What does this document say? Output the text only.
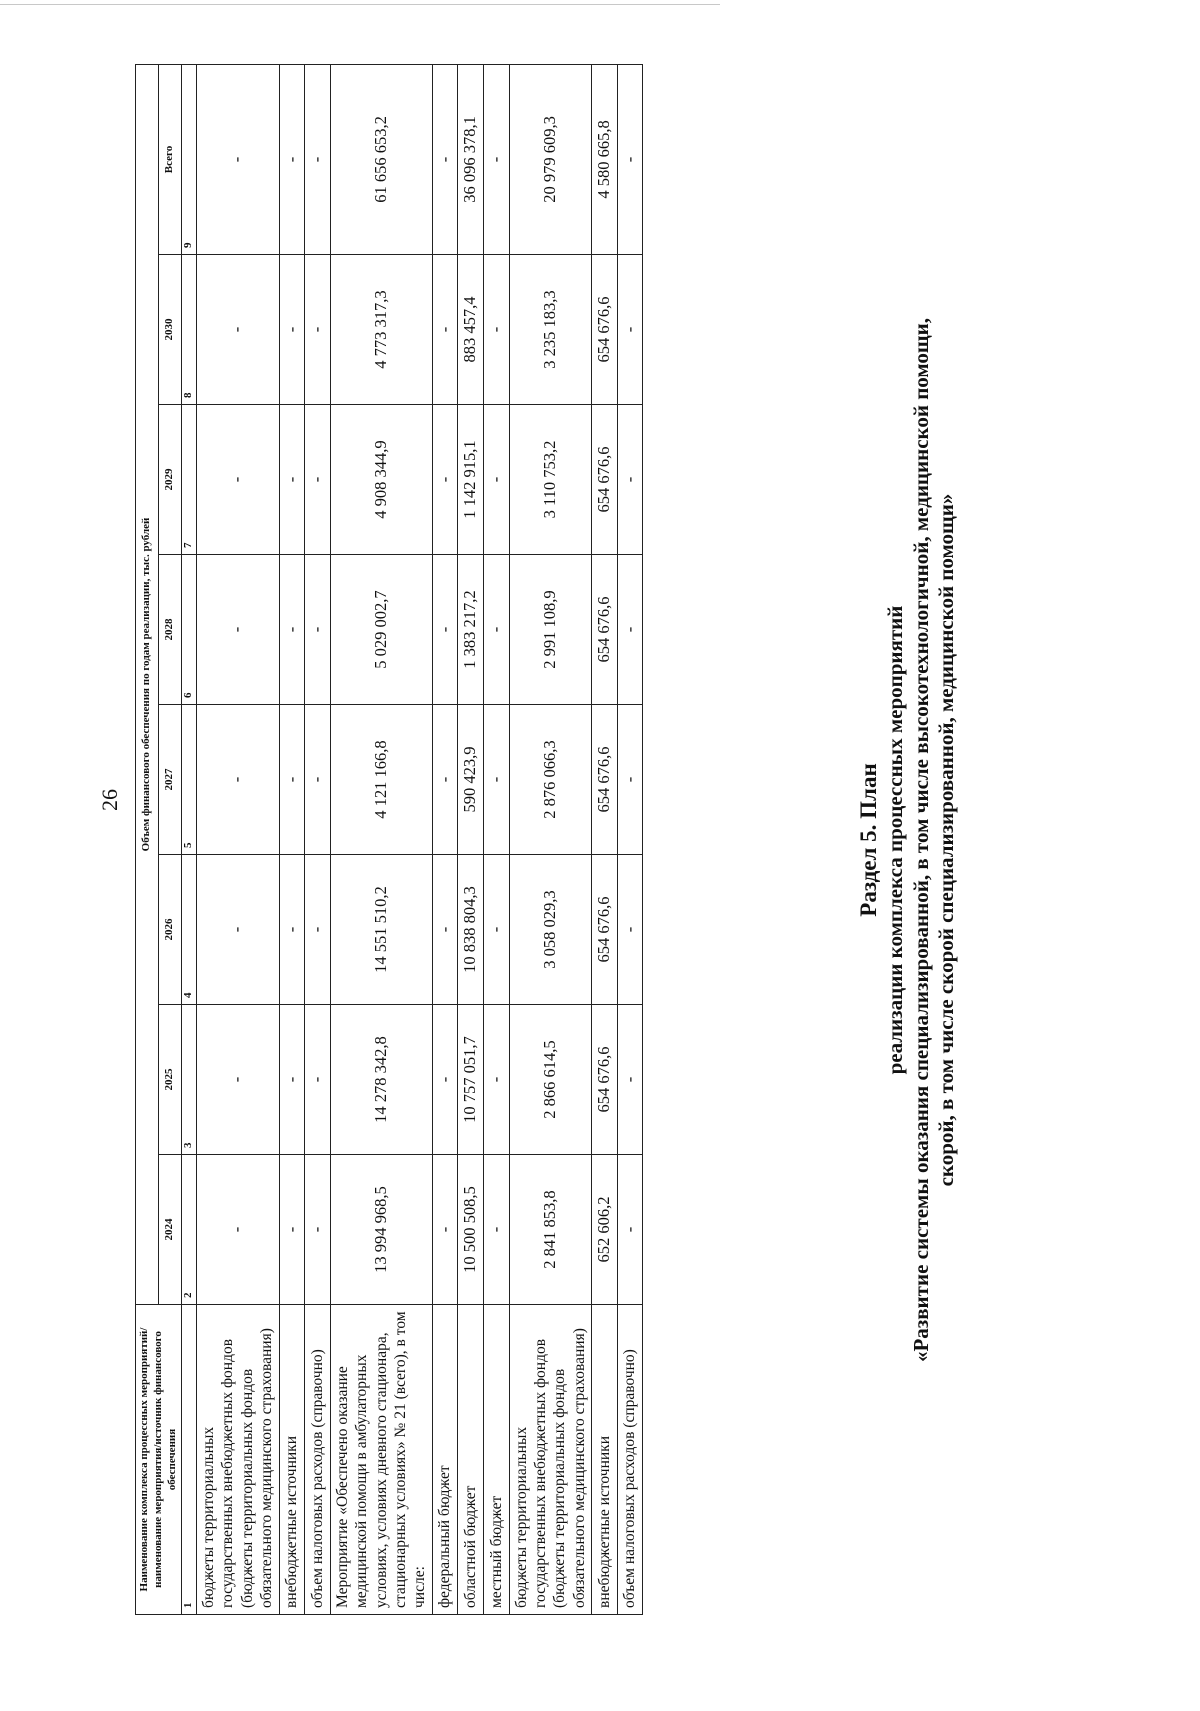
26
Наименование комплекса процессных мероприятий/наименование мероприятия/источник финансового обеспечения	Объем финансового обеспечения по годам реализации, тыс. рублей							
	2024	2025	2026	2027	2028	2029	2030	Всего
1	2	3	4	5	6	7	8	9
бюджеты территориальных государственных внебюджетных фондов (бюджеты территориальных фондов обязательного медицинского страхования)	-	-	-	-	-	-	-	-
внебюджетные источники	-	-	-	-	-	-	-	-
объем налоговых расходов (справочно)	-	-	-	-	-	-	-	-
Мероприятие «Обеспечено оказание медицинской помощи в амбулаторных условиях, условиях дневного стационара, стационарных условиях» № 21 (всего), в том числе:	13 994 968,5	14 278 342,8	14 551 510,2	4 121 166,8	5 029 002,7	4 908 344,9	4 773 317,3	61 656 653,2
федеральный бюджет	-	-	-	-	-	-	-	-
областной бюджет	10 500 508,5	10 757 051,7	10 838 804,3	590 423,9	1 383 217,2	1 142 915,1	883 457,4	36 096 378,1
местный бюджет	-	-	-	-	-	-	-	-
бюджеты территориальных государственных внебюджетных фондов (бюджеты территориальных фондов обязательного медицинского страхования)	2 841 853,8	2 866 614,5	3 058 029,3	2 876 066,3	2 991 108,9	3 110 753,2	3 235 183,3	20 979 609,3
внебюджетные источники	652 606,2	654 676,6	654 676,6	654 676,6	654 676,6	654 676,6	654 676,6	4 580 665,8
объем налоговых расходов (справочно)	-	-	-	-	-	-	-	-
Раздел 5. План реализации комплекса процессных мероприятий «Развитие системы оказания специализированной, в том числе высокотехнологичной, медицинской помощи, скорой, в том числе скорой специализированной, медицинской помощи»
